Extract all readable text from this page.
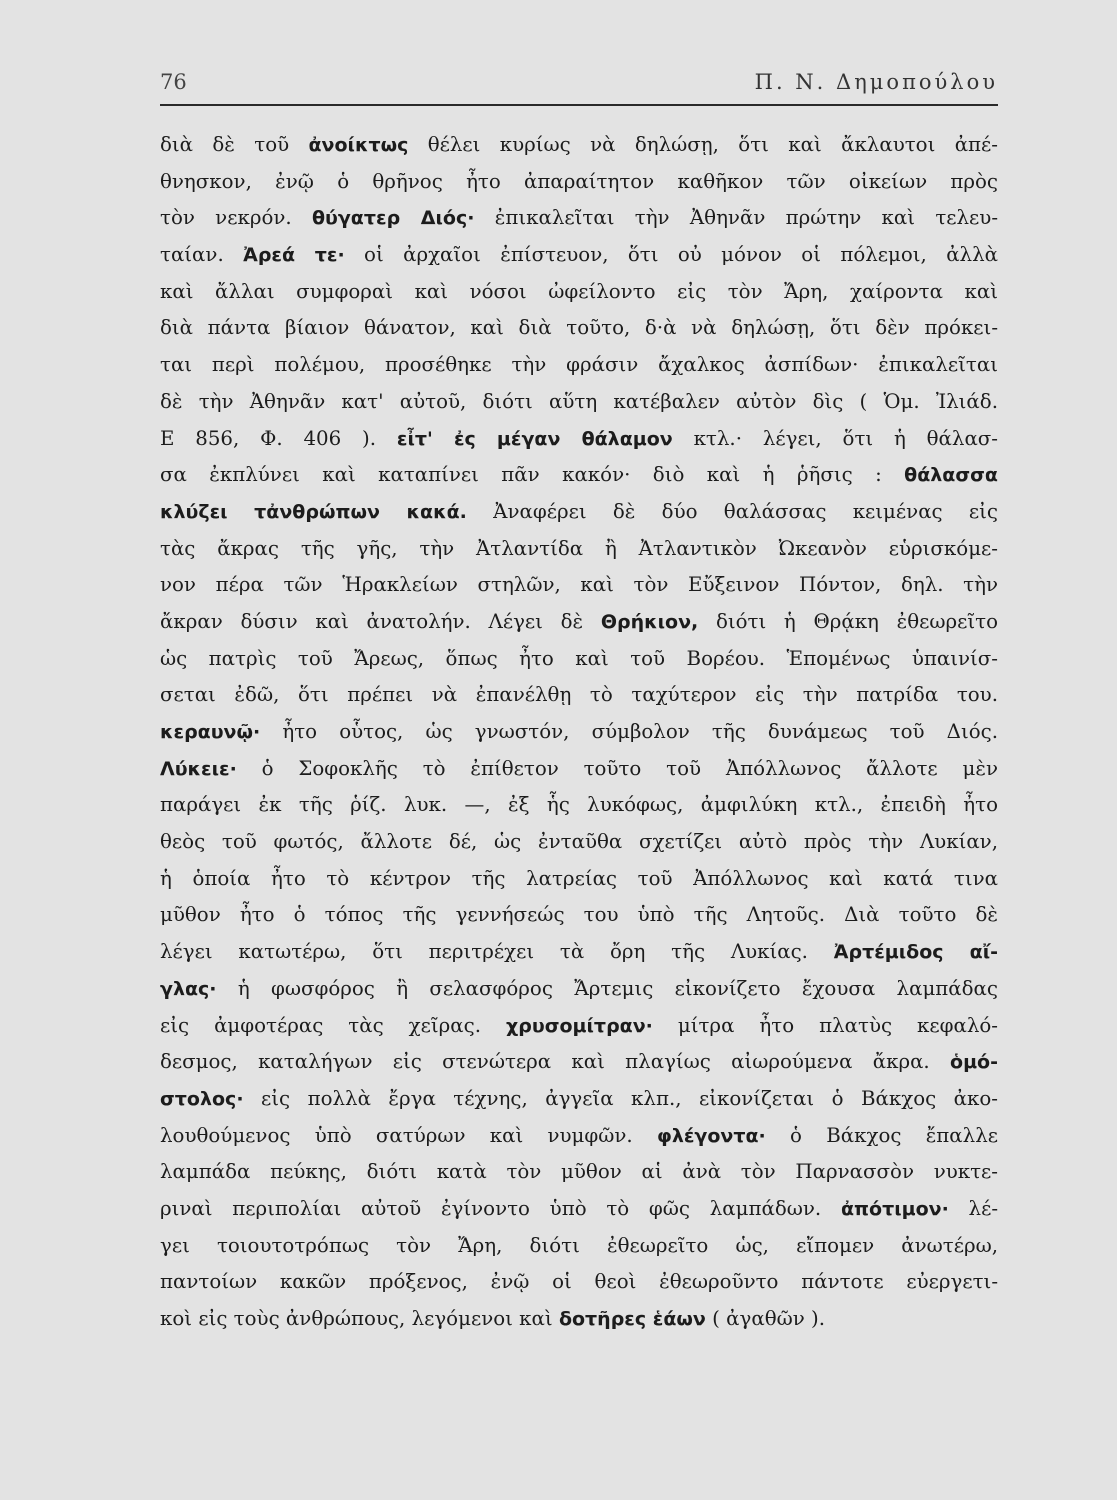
76	Π. Ν. Δημοπούλου
διὰ δὲ τοῦ ἀνοίκτως θέλει κυρίως νὰ δηλώσῃ, ὅτι καὶ ἄκλαυτοι ἀπέ-
θνησκον, ἐνῷ ὁ θρῆνος ἦτο ἀπαραίτητον καθῆκον τῶν οἰκείων πρὸς
τὸν νεκρόν. θύγατερ Διός· ἐπικαλεῖται τὴν Ἀθηνᾶν πρώτην καὶ τελευ-
ταίαν. Ἀρεά τε· οἱ ἀρχαῖοι ἐπίστευον, ὅτι οὐ μόνον οἱ πόλεμοι, ἀλλὰ
καὶ ἄλλαι συμφοραὶ καὶ νόσοι ὠφείλοντο εἰς τὸν Ἄρη, χαίροντα καὶ
διὰ πάντα βίαιον θάνατον, καὶ διὰ τοῦτο, δ·ὰ νὰ δηλώσῃ, ὅτι δὲν πρόκει-
ται περὶ πολέμου, προσέθηκε τὴν φράσιν ἄχαλκος ἀσπίδων· ἐπικαλεῖται
δὲ τὴν Ἀθηνᾶν κατ' αὐτοῦ, διότι αὕτη κατέβαλεν αὐτὸν δὶς ( Ὁμ. Ἰλιάδ.
Ε 856, Φ. 406 ). εἶτ' ἐς μέγαν θάλαμον κτλ.· λέγει, ὅτι ἡ θάλασ-
σα ἐκπλύνει καὶ καταπίνει πᾶν κακόν· διὸ καὶ ἡ ῥῆσις : θάλασσα
κλύζει τἀνθρώπων κακά. Ἀναφέρει δὲ δύο θαλάσσας κειμένας εἰς
τὰς ἄκρας τῆς γῆς, τὴν Ἀτλαντίδα ἢ Ἀτλαντικὸν Ὠκεανὸν εὑρισκόμε-
νον πέρα τῶν Ἡρακλείων στηλῶν, καὶ τὸν Εὔξεινον Πόντον, δηλ. τὴν
ἄκραν δύσιν καὶ ἀνατολήν. Λέγει δὲ Θρήκιον, διότι ἡ Θρᾴκη ἐθεωρεῖτο
ὡς πατρὶς τοῦ Ἄρεως, ὅπως ἦτο καὶ τοῦ Βορέου. Ἑπομένως ὑπαινίσ-
σεται ἐδῶ, ὅτι πρέπει νὰ ἐπανέλθῃ τὸ ταχύτερον εἰς τὴν πατρίδα του.
κεραυνῷ· ἦτο οὗτος, ὡς γνωστόν, σύμβολον τῆς δυνάμεως τοῦ Διός.
Λύκειε· ὁ Σοφοκλῆς τὸ ἐπίθετον τοῦτο τοῦ Ἀπόλλωνος ἄλλοτε μὲν
παράγει ἐκ τῆς ῥίζ. λυκ. —, ἐξ ἧς λυκόφως, ἀμφιλύκη κτλ., ἐπειδὴ ἦτο
θεὸς τοῦ φωτός, ἄλλοτε δέ, ὡς ἐνταῦθα σχετίζει αὐτὸ πρὸς τὴν Λυκίαν,
ἡ ὁποία ἦτο τὸ κέντρον τῆς λατρείας τοῦ Ἀπόλλωνος καὶ κατά τινα
μῦθον ἦτο ὁ τόπος τῆς γεννήσεώς του ὑπὸ τῆς Λητοῦς. Διὰ τοῦτο δὲ
λέγει κατωτέρω, ὅτι περιτρέχει τὰ ὄρη τῆς Λυκίας. Ἀρτέμιδος αἴ-
γλας· ἡ φωσφόρος ἢ σελασφόρος Ἄρτεμις εἰκονίζετο ἔχουσα λαμπάδας
εἰς ἀμφοτέρας τὰς χεῖρας. χρυσομίτραν· μίτρα ἦτο πλατὺς κεφαλό-
δεσμος, καταλήγων εἰς στενώτερα καὶ πλαγίως αἰωρούμενα ἄκρα. ὁμό-
στολος· εἰς πολλὰ ἔργα τέχνης, ἀγγεῖα κλπ., εἰκονίζεται ὁ Βάκχος ἀκο-
λουθούμενος ὑπὸ σατύρων καὶ νυμφῶν. φλέγοντα· ὁ Βάκχος ἔπαλλε
λαμπάδα πεύκης, διότι κατὰ τὸν μῦθον αἱ ἀνὰ τὸν Παρνασσὸν νυκτε-
ριναὶ περιπολίαι αὐτοῦ ἐγίνοντο ὑπὸ τὸ φῶς λαμπάδων. ἀπότιμον· λέ-
γει τοιουτοτρόπως τὸν Ἄρη, διότι ἐθεωρεῖτο ὡς, εἴπομεν ἀνωτέρω,
παντοίων κακῶν πρόξενος, ἐνῷ οἱ θεοὶ ἐθεωροῦντο πάντοτε εὐεργετι-
κοὶ εἰς τοὺς ἀνθρώπους, λεγόμενοι καὶ δοτῆρες ἑάων ( ἀγαθῶν ).
